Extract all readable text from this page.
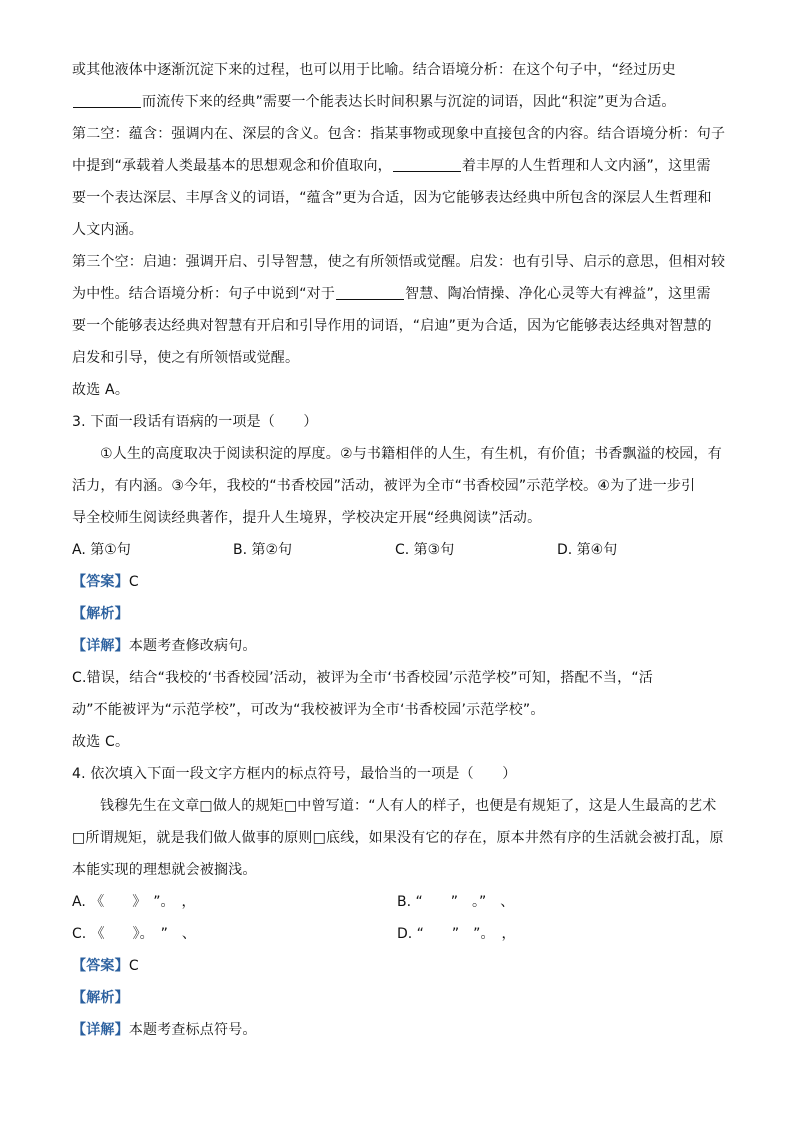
或其他液体中逐渐沉淀下来的过程，也可以用于比喻。结合语境分析：在这个句子中，“经过历史
而流传下来的经典”需要一个能表达长时间积累与沉淀的词语，因此“积淀”更为合适。
第二空：蕴含：强调内在、深层的含义。包含：指某事物或现象中直接包含的内容。结合语境分析：句子
中提到“承载着人类最基本的思想观念和价值取向，	着丰厚的人生哲理和人文内涵”，这里需
要一个表达深层、丰厚含义的词语，“蕴含”更为合适，因为它能够表达经典中所包含的深层人生哲理和
人文内涵。
第三个空：启迪：强调开启、引导智慧，使之有所领悟或觉醒。启发：也有引导、启示的意思，但相对较
为中性。结合语境分析：句子中说到“对于	智慧、陶冶情操、净化心灵等大有裨益”，这里需
要一个能够表达经典对智慧有开启和引导作用的词语，“启迪”更为合适，因为它能够表达经典对智慧的
启发和引导，使之有所领悟或觉醒。
故选 A。
3. 下面一段话有语病的一项是（　　）
①人生的高度取决于阅读积淀的厚度。②与书籍相伴的人生，有生机，有价值；书香飘溢的校园，有
活力，有内涵。③今年，我校的“书香校园”活动，被评为全市“书香校园”示范学校。④为了进一步引
导全校师生阅读经典著作，提升人生境界，学校决定开展“经典阅读”活动。
A. 第①句	B. 第②句	C. 第③句	D. 第④句
【答案】C
【解析】
【详解】本题考查修改病句。
C.错误，结合“我校的‘书香校园’活动，被评为全市‘书香校园’示范学校”可知，搭配不当，“活
动”不能被评为“示范学校”，可改为“我校被评为全市‘书香校园’示范学校”。
故选 C。
4. 依次填入下面一段文字方框内的标点符号，最恰当的一项是（　　）
钱穆先生在文章□做人的规矩□中曾写道：“人有人的样子，也便是有规矩了，这是人生最高的艺术
□所谓规矩，就是我们做人做事的原则□底线，如果没有它的存在，原本井然有序的生活就会被打乱，原
本能实现的理想就会被搁浅。
A. 《　　》　”。　，	B. “　　”　。”　、
C. 《　　》。　”　、	D. “　　”　”。　，
【答案】C
【解析】
【详解】本题考查标点符号。
